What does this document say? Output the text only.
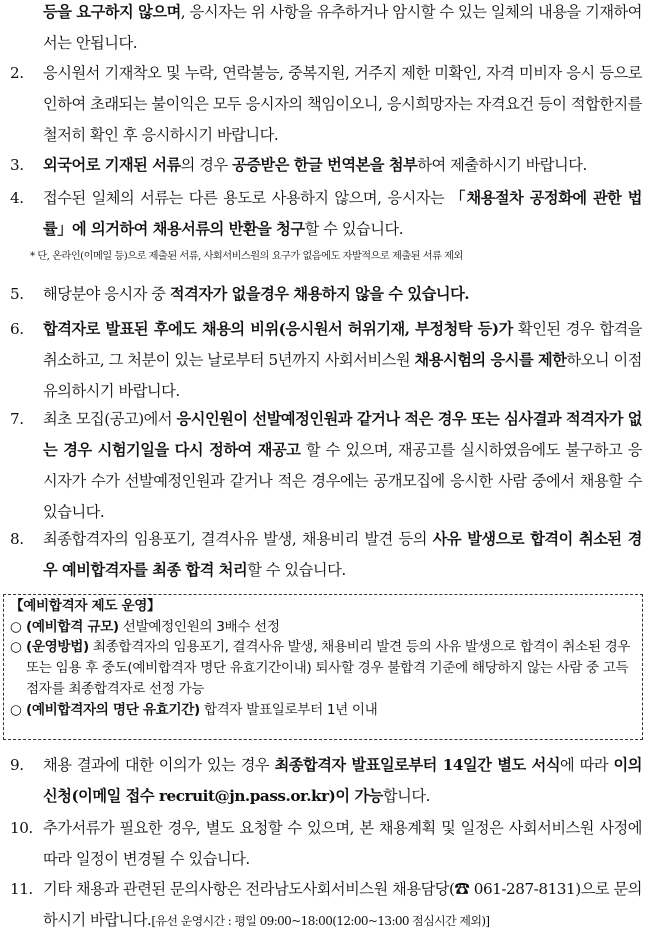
등을 요구하지 않으며, 응시자는 위 사항을 유추하거나 암시할 수 있는 일체의 내용을 기재하여서는 안됩니다.
2. 응시원서 기재착오 및 누락, 연락불능, 중복지원, 거주지 제한 미확인, 자격 미비자 응시 등으로 인하여 초래되는 불이익은 모두 응시자의 책임이오니, 응시희망자는 자격요건 등이 적합한지를 철저히 확인 후 응시하시기 바랍니다.
3. 외국어로 기재된 서류의 경우 공증받은 한글 번역본을 첨부하여 제출하시기 바랍니다.
4. 접수된 일체의 서류는 다른 용도로 사용하지 않으며, 응시자는 「채용절차 공정화에 관한 법률」에 의거하여 채용서류의 반환을 청구할 수 있습니다.
* 단, 온라인(이메일 등)으로 제출된 서류, 사회서비스원의 요구가 없음에도 자발적으로 제출된 서류 제외
5. 해당분야 응시자 중 적격자가 없을경우 채용하지 않을 수 있습니다.
6. 합격자로 발표된 후에도 채용의 비위(응시원서 허위기재, 부정청탁 등)가 확인된 경우 합격을 취소하고, 그 처분이 있는 날로부터 5년까지 사회서비스원 채용시험의 응시를 제한하오니 이점 유의하시기 바랍니다.
7. 최초 모집(공고)에서 응시인원이 선발예정인원과 같거나 적은 경우 또는 심사결과 적격자가 없는 경우 시험기일을 다시 정하여 재공고 할 수 있으며, 재공고를 실시하였음에도 불구하고 응시자가 수가 선발예정인원과 같거나 적은 경우에는 공개모집에 응시한 사람 중에서 채용할 수 있습니다.
8. 최종합격자의 임용포기, 결격사유 발생, 채용비리 발견 등의 사유 발생으로 합격이 취소된 경우 예비합격자를 최종 합격 처리할 수 있습니다.
【예비합격자 제도 운영】
○ (예비합격 규모) 선발예정인원의 3배수 선정
○ (운영방법) 최종합격자의 임용포기, 결격사유 발생, 채용비리 발견 등의 사유 발생으로 합격이 취소된 경우 또는 임용 후 중도(예비합격자 명단 유효기간이내) 퇴사할 경우 불합격 기준에 해당하지 않는 사람 중 고득점자를 최종합격자로 선정 가능
○ (예비합격자의 명단 유효기간) 합격자 발표일로부터 1년 이내
9. 채용 결과에 대한 이의가 있는 경우 최종합격자 발표일로부터 14일간 별도 서식에 따라 이의신청(이메일 접수 recruit@jn.pass.or.kr)이 가능합니다.
10. 추가서류가 필요한 경우, 별도 요청할 수 있으며, 본 채용계획 및 일정은 사회서비스원 사정에 따라 일정이 변경될 수 있습니다.
11. 기타 채용과 관련된 문의사항은 전라남도사회서비스원 채용담당(☎ 061-287-8131)으로 문의하시기 바랍니다.[유선 운영시간 : 평일 09:00~18:00(12:00~13:00 점심시간 제외)]
